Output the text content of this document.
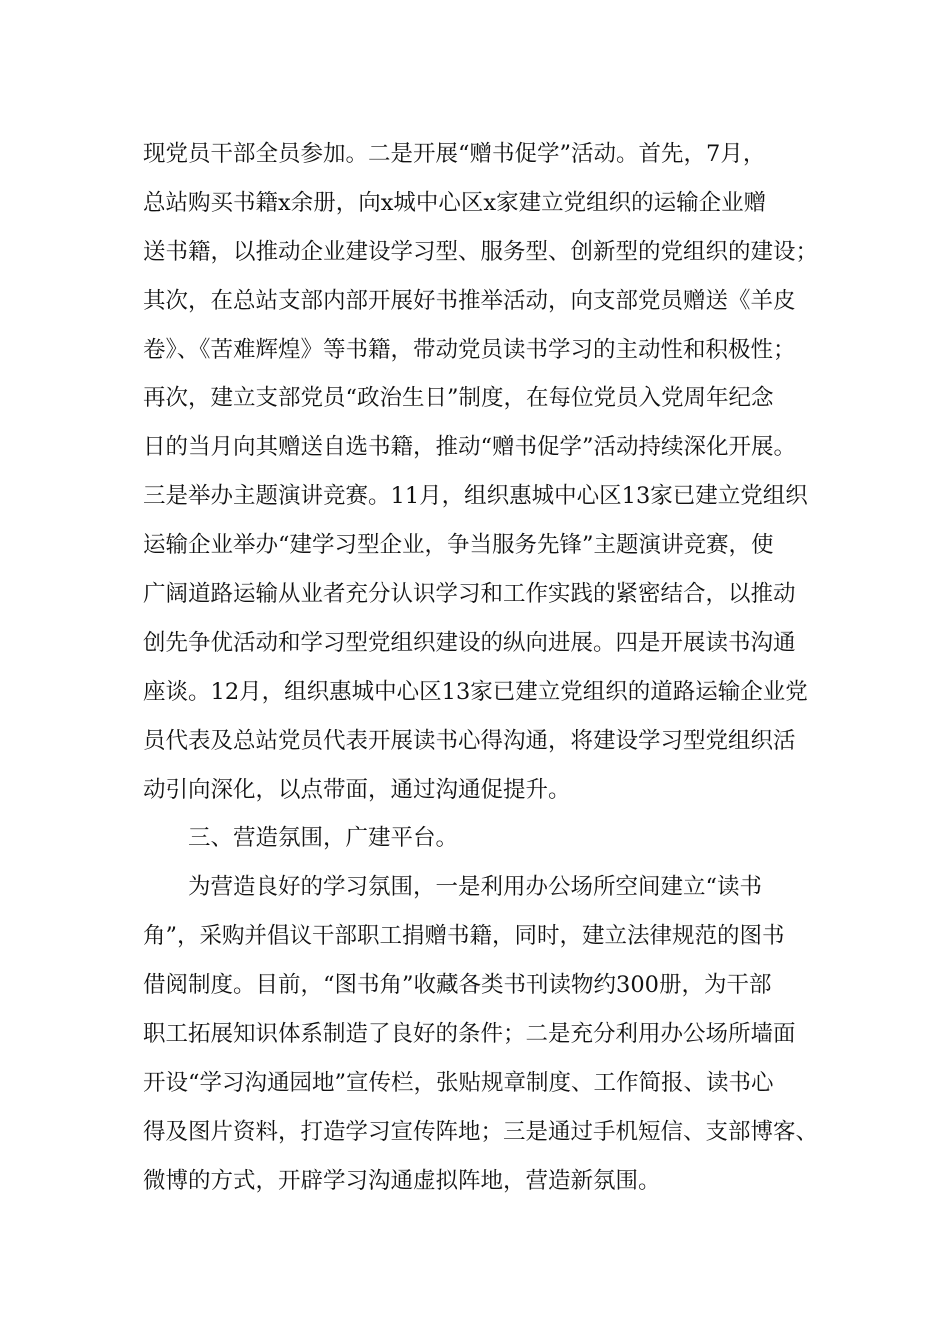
现党员干部全员参加。二是开展“赠书促学”活动。首先，7月，
总站购买书籍x余册，向x城中心区x家建立党组织的运输企业赠
送书籍，以推动企业建设学习型、服务型、创新型的党组织的建设；
其次，在总站支部内部开展好书推举活动，向支部党员赠送《羊皮
卷》、《苦难辉煌》等书籍，带动党员读书学习的主动性和积极性；
再次，建立支部党员“政治生日”制度，在每位党员入党周年纪念
日的当月向其赠送自选书籍，推动“赠书促学”活动持续深化开展。
三是举办主题演讲竞赛。11月，组织惠城中心区13家已建立党组织
运输企业举办“建学习型企业，争当服务先锋”主题演讲竞赛，使
广阔道路运输从业者充分认识学习和工作实践的紧密结合，以推动
创先争优活动和学习型党组织建设的纵向进展。四是开展读书沟通
座谈。12月，组织惠城中心区13家已建立党组织的道路运输企业党
员代表及总站党员代表开展读书心得沟通，将建设学习型党组织活
动引向深化，以点带面，通过沟通促提升。
三、营造氛围，广建平台。
为营造良好的学习氛围，一是利用办公场所空间建立“读书
角”，采购并倡议干部职工捐赠书籍，同时，建立法律规范的图书
借阅制度。目前，“图书角”收藏各类书刊读物约300册，为干部
职工拓展知识体系制造了良好的条件；二是充分利用办公场所墙面
开设“学习沟通园地”宣传栏，张贴规章制度、工作简报、读书心
得及图片资料，打造学习宣传阵地；三是通过手机短信、支部博客、
微博的方式，开辟学习沟通虚拟阵地，营造新氛围。
